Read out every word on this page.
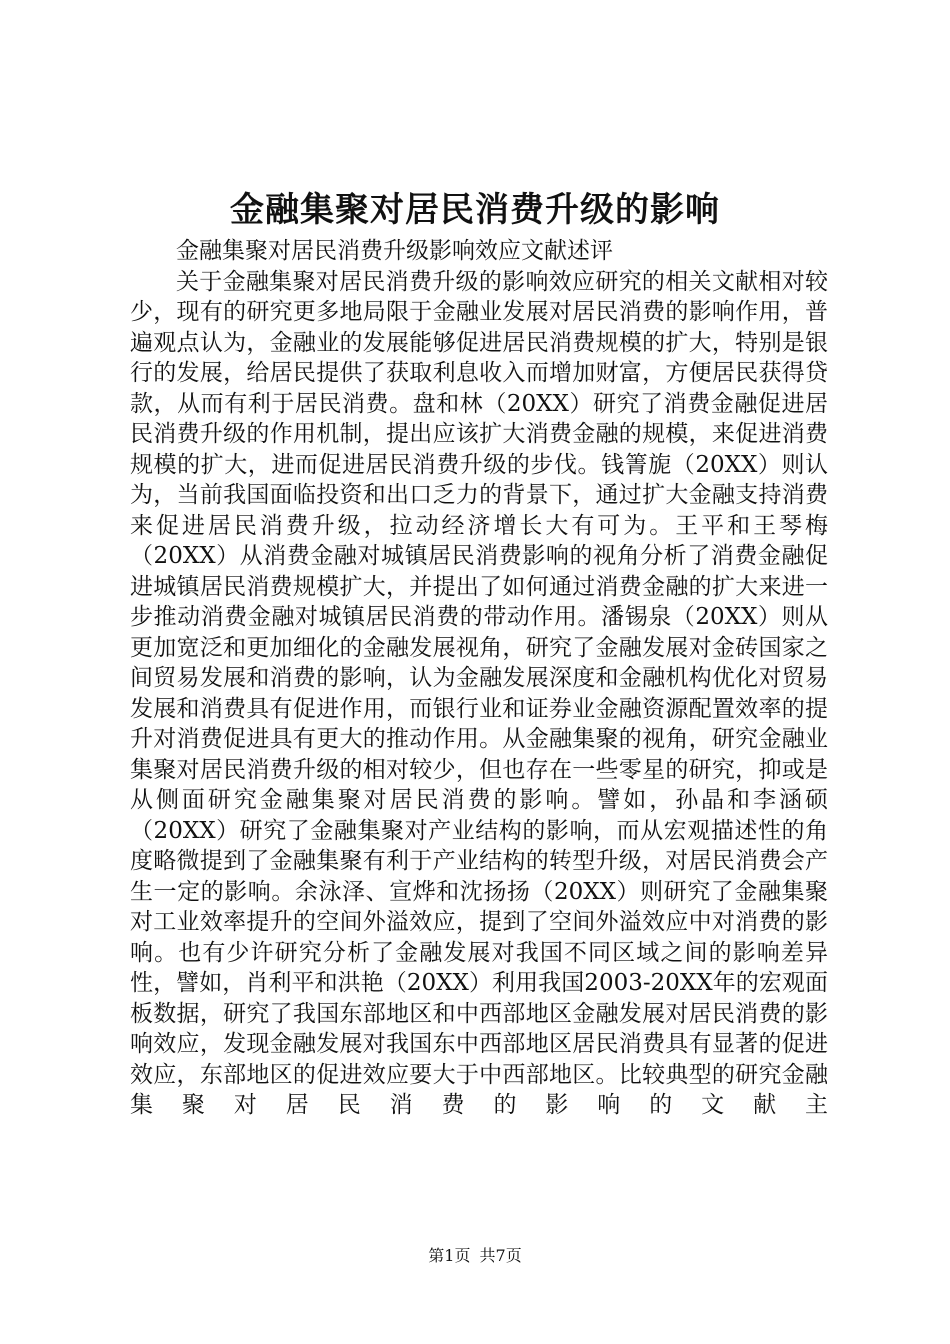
金融集聚对居民消费升级的影响

金融集聚对居民消费升级影响效应文献述评

关于金融集聚对居民消费升级的影响效应研究的相关文献相对较少，现有的研究更多地局限于金融业发展对居民消费的影响作用，普遍观点认为，金融业的发展能够促进居民消费规模的扩大，特别是银行的发展，给居民提供了获取利息收入而增加财富，方便居民获得贷款，从而有利于居民消费。盘和林（20XX）研究了消费金融促进居民消费升级的作用机制，提出应该扩大消费金融的规模，来促进消费规模的扩大，进而促进居民消费升级的步伐。钱箐旎（20XX）则认为，当前我国面临投资和出口乏力的背景下，通过扩大金融支持消费来促进居民消费升级，拉动经济增长大有可为。王平和王琴梅（20XX）从消费金融对城镇居民消费影响的视角分析了消费金融促进城镇居民消费规模扩大，并提出了如何通过消费金融的扩大来进一步推动消费金融对城镇居民消费的带动作用。潘锡泉（20XX）则从更加宽泛和更加细化的金融发展视角，研究了金融发展对金砖国家之间贸易发展和消费的影响，认为金融发展深度和金融机构优化对贸易发展和消费具有促进作用，而银行业和证券业金融资源配置效率的提升对消费促进具有更大的推动作用。从金融集聚的视角，研究金融业集聚对居民消费升级的相对较少，但也存在一些零星的研究，抑或是从侧面研究金融集聚对居民消费的影响。譬如，孙晶和李涵硕（20XX）研究了金融集聚对产业结构的影响，而从宏观描述性的角度略微提到了金融集聚有利于产业结构的转型升级，对居民消费会产生一定的影响。余泳泽、宣烨和沈扬扬（20XX）则研究了金融集聚对工业效率提升的空间外溢效应，提到了空间外溢效应中对消费的影响。也有少许研究分析了金融发展对我国不同区域之间的影响差异性，譬如，肖利平和洪艳（20XX）利用我国2003-20XX年的宏观面板数据，研究了我国东部地区和中西部地区金融发展对居民消费的影响效应，发现金融发展对我国东中西部地区居民消费具有显著的促进效应，东部地区的促进效应要大于中西部地区。比较典型的研究金融集聚对居民消费的影响的文献主

第1页 共7页
